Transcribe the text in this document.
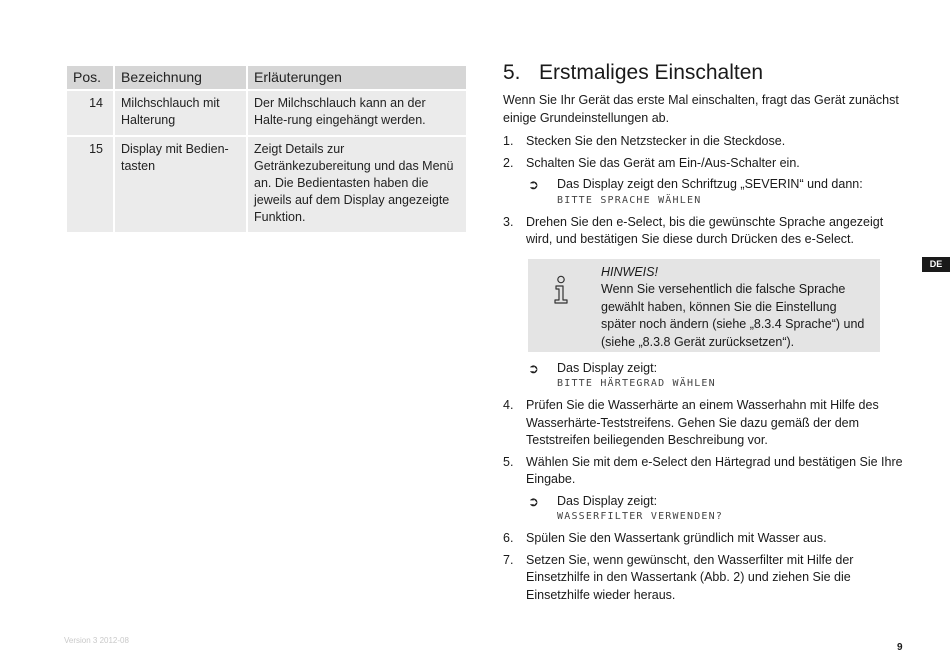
Pos.	Bezeichnung	Erläuterungen
14	Milchschlauch mit Halterung	Der Milchschlauch kann an der Halte-rung eingehängt werden.
15	Display mit Bedien-tasten	Zeigt Details zur Getränkezubereitung und das Menü an. Die Bedientasten haben die jeweils auf dem Display angezeigte Funktion.
5. Erstmaliges Einschalten

Wenn Sie Ihr Gerät das erste Mal einschalten, fragt das Gerät zunächst einige Grundeinstellungen ab.

1. Stecken Sie den Netzstecker in die Steckdose.
2. Schalten Sie das Gerät am Ein-/Aus-Schalter ein.
➲ Das Display zeigt den Schriftzug „SEVERIN“ und dann:
BITTE SPRACHE WÄHLEN
3. Drehen Sie den e-Select, bis die gewünschte Sprache angezeigt wird, und bestätigen Sie diese durch Drücken des e-Select.
HINWEIS!
Wenn Sie versehentlich die falsche Sprache gewählt haben, können Sie die Einstellung später noch ändern (siehe „8.3.4 Sprache“) und (siehe „8.3.8 Gerät zurücksetzen“).
➲ Das Display zeigt:
BITTE HÄRTEGRAD WÄHLEN
4. Prüfen Sie die Wasserhärte an einem Wasserhahn mit Hilfe des Wasserhärte-Teststreifens. Gehen Sie dazu gemäß der dem Teststreifen beiliegenden Beschreibung vor.
5. Wählen Sie mit dem e-Select den Härtegrad und bestätigen Sie Ihre Eingabe.
➲ Das Display zeigt:
WASSERFILTER VERWENDEN?
6. Spülen Sie den Wassertank gründlich mit Wasser aus.
7. Setzen Sie, wenn gewünscht, den Wasserfilter mit Hilfe der Einsetzhilfe in den Wassertank (Abb. 2) und ziehen Sie die Einsetzhilfe wieder heraus.
DE
Version 3 2012-08
9
